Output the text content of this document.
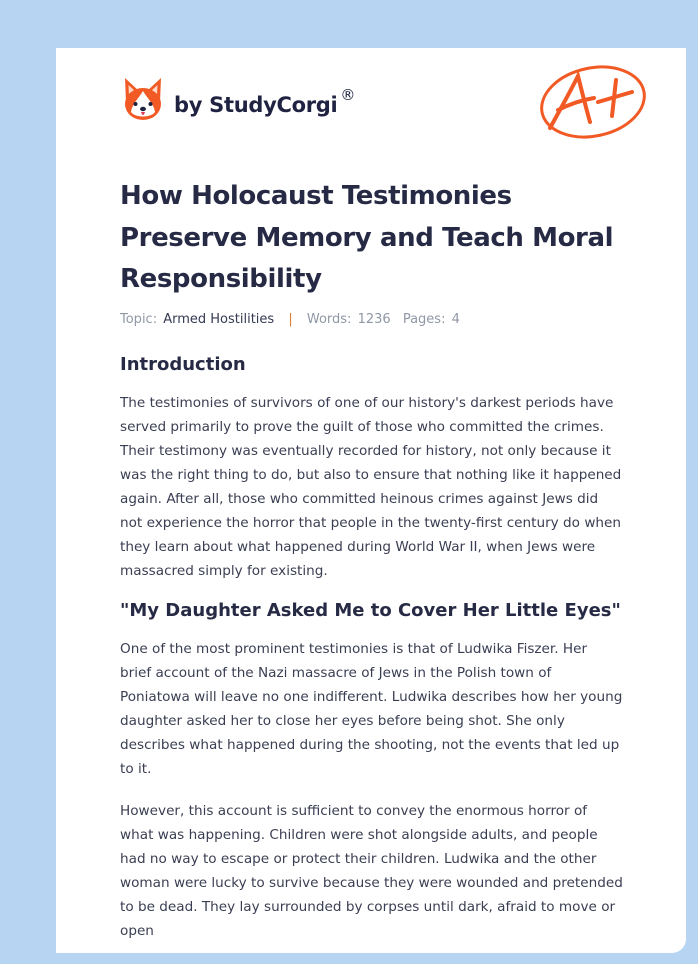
by StudyCorgi ®
How Holocaust Testimonies Preserve Memory and Teach Moral Responsibility
Topic: Armed Hostilities | Words: 1236 Pages: 4
Introduction

The testimonies of survivors of one of our history's darkest periods have
served primarily to prove the guilt of those who committed the crimes.
Their testimony was eventually recorded for history, not only because it
was the right thing to do, but also to ensure that nothing like it happened
again. After all, those who committed heinous crimes against Jews did
not experience the horror that people in the twenty-first century do when
they learn about what happened during World War II, when Jews were
massacred simply for existing.

"My Daughter Asked Me to Cover Her Little Eyes"

One of the most prominent testimonies is that of Ludwika Fiszer. Her
brief account of the Nazi massacre of Jews in the Polish town of
Poniatowa will leave no one indifferent. Ludwika describes how her young
daughter asked her to close her eyes before being shot. She only
describes what happened during the shooting, not the events that led up
to it.

However, this account is sufficient to convey the enormous horror of
what was happening. Children were shot alongside adults, and people
had no way to escape or protect their children. Ludwika and the other
woman were lucky to survive because they were wounded and pretended
to be dead. They lay surrounded by corpses until dark, afraid to move or
open
